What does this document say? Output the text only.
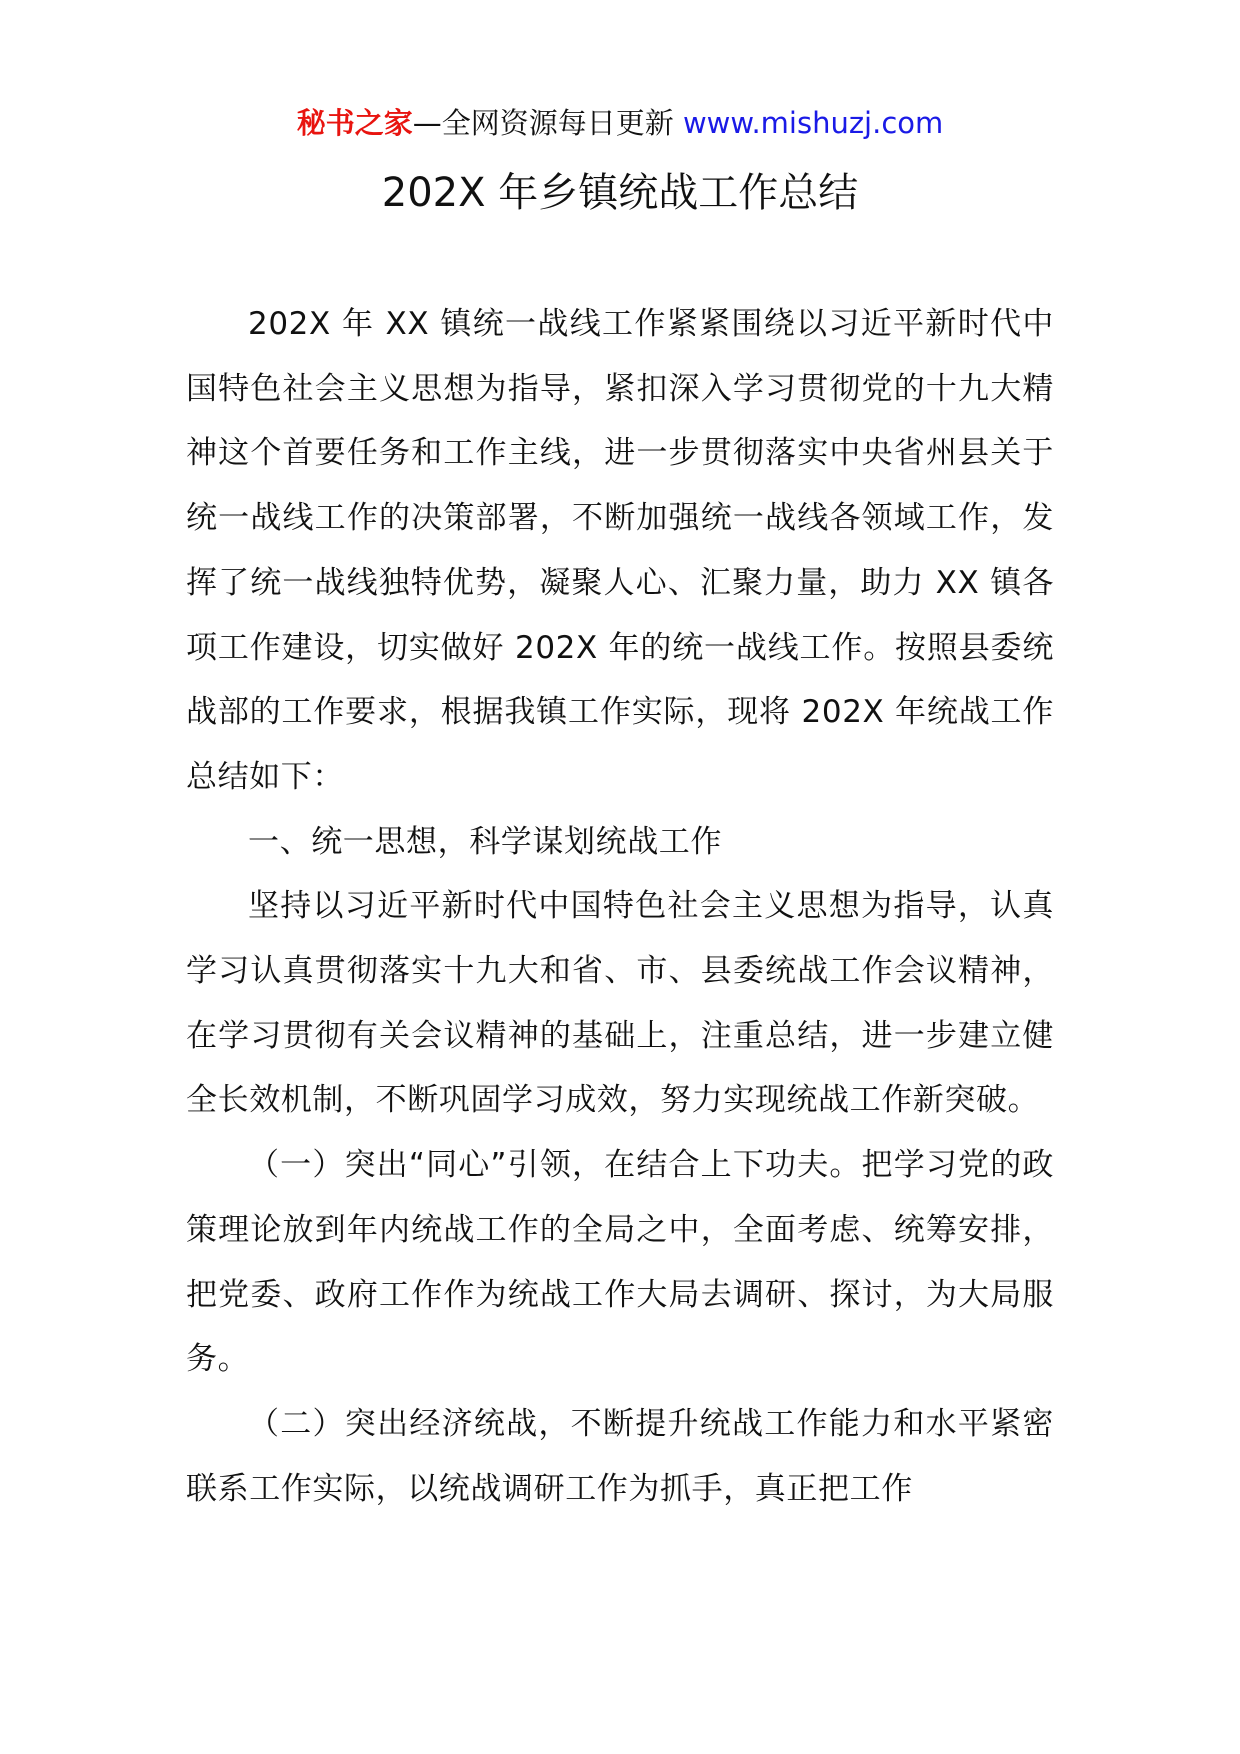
秘书之家—全网资源每日更新 www.mishuzj.com
202X 年乡镇统战工作总结

202X 年 XX 镇统一战线工作紧紧围绕以习近平新时代中国特色社会主义思想为指导，紧扣深入学习贯彻党的十九大精神这个首要任务和工作主线，进一步贯彻落实中央省州县关于统一战线工作的决策部署，不断加强统一战线各领域工作，发挥了统一战线独特优势，凝聚人心、汇聚力量，助力 XX 镇各项工作建设，切实做好 202X 年的统一战线工作。按照县委统战部的工作要求，根据我镇工作实际，现将 202X 年统战工作总结如下：

一、统一思想，科学谋划统战工作

坚持以习近平新时代中国特色社会主义思想为指导，认真学习认真贯彻落实十九大和省、市、县委统战工作会议精神，在学习贯彻有关会议精神的基础上，注重总结，进一步建立健全长效机制，不断巩固学习成效，努力实现统战工作新突破。

（一）突出“同心”引领，在结合上下功夫。把学习党的政策理论放到年内统战工作的全局之中，全面考虑、统筹安排，把党委、政府工作作为统战工作大局去调研、探讨，为大局服务。

（二）突出经济统战，不断提升统战工作能力和水平紧密联系工作实际，以统战调研工作为抓手，真正把工作
